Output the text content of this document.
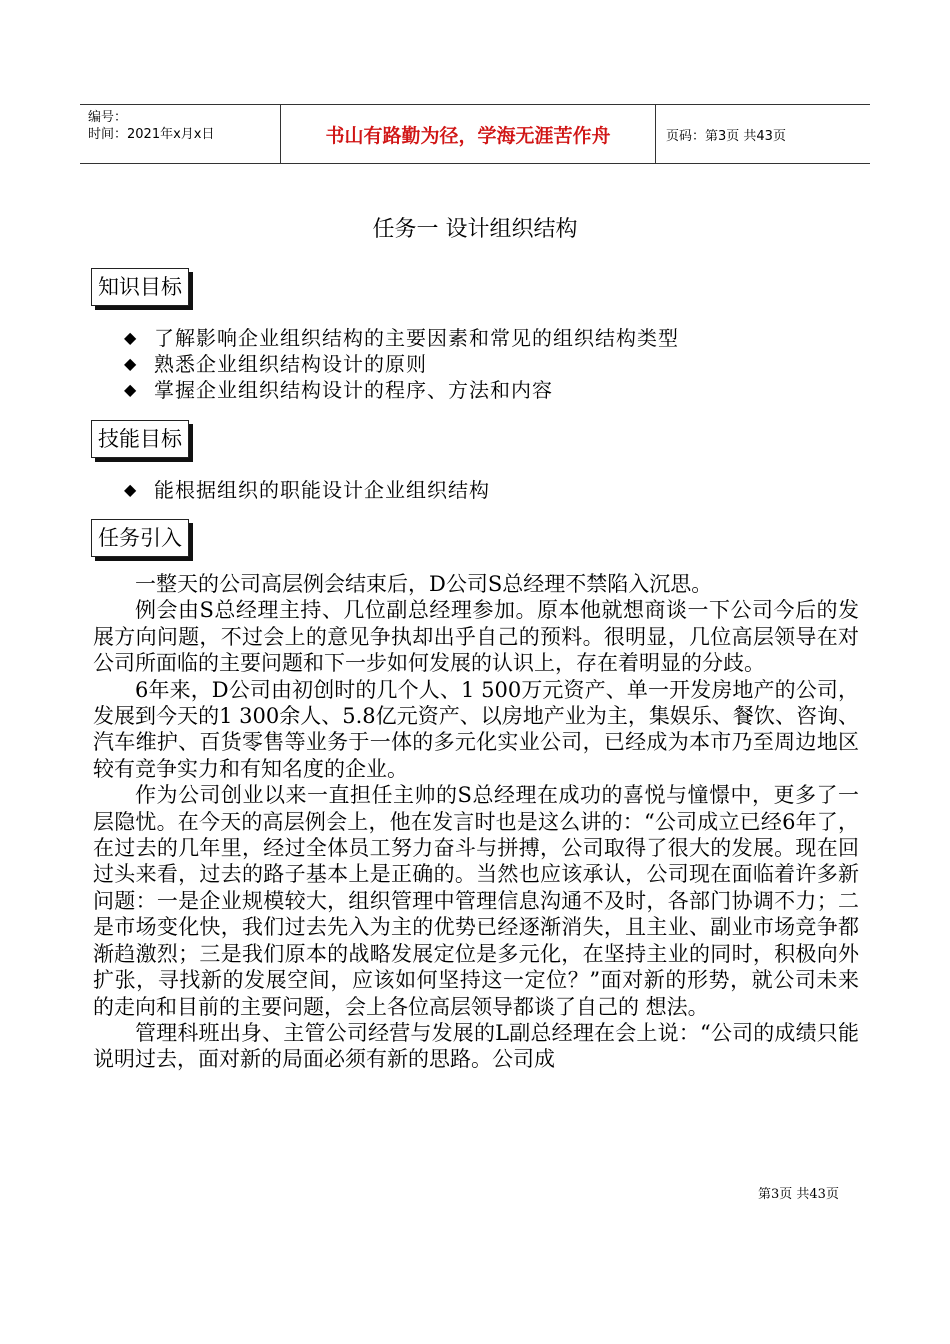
编号：
时间：2021年x月x日	书山有路勤为径，学海无涯苦作舟	页码：第3页 共43页
任务一 设计组织结构
知识目标
◆ 了解影响企业组织结构的主要因素和常见的组织结构类型
◆ 熟悉企业组织结构设计的原则
◆ 掌握企业组织结构设计的程序、方法和内容
技能目标
◆ 能根据组织的职能设计企业组织结构
任务引入

一整天的公司高层例会结束后，D公司S总经理不禁陷入沉思。

例会由S总经理主持、几位副总经理参加。原本他就想商谈一下公司今后的发展方向问题，不过会上的意见争执却出乎自己的预料。很明显，几位高层领导在对公司所面临的主要问题和下一步如何发展的认识上，存在着明显的分歧。

6年来，D公司由初创时的几个人、1 500万元资产、单一开发房地产的公司，发展到今天的1 300余人、5.8亿元资产、以房地产业为主，集娱乐、餐饮、咨询、汽车维护、百货零售等业务于一体的多元化实业公司，已经成为本市乃至周边地区较有竞争实力和有知名度的企业。

作为公司创业以来一直担任主帅的S总经理在成功的喜悦与憧憬中，更多了一层隐忧。在今天的高层例会上，他在发言时也是这么讲的：“公司成立已经6年了，在过去的几年里，经过全体员工努力奋斗与拼搏，公司取得了很大的发展。现在回过头来看，过去的路子基本上是正确的。当然也应该承认，公司现在面临着许多新问题：一是企业规模较大，组织管理中管理信息沟通不及时，各部门协调不力；二是市场变化快，我们过去先入为主的优势已经逐渐消失，且主业、副业市场竞争都渐趋激烈；三是我们原本的战略发展定位是多元化，在坚持主业的同时，积极向外扩张，寻找新的发展空间，应该如何坚持这一定位？”面对新的形势，就公司未来的走向和目前的主要问题，会上各位高层领导都谈了自己的 想法。

管理科班出身、主管公司经营与发展的L副总经理在会上说：“公司的成绩只能说明过去，面对新的局面必须有新的思路。公司成

第3页 共43页
